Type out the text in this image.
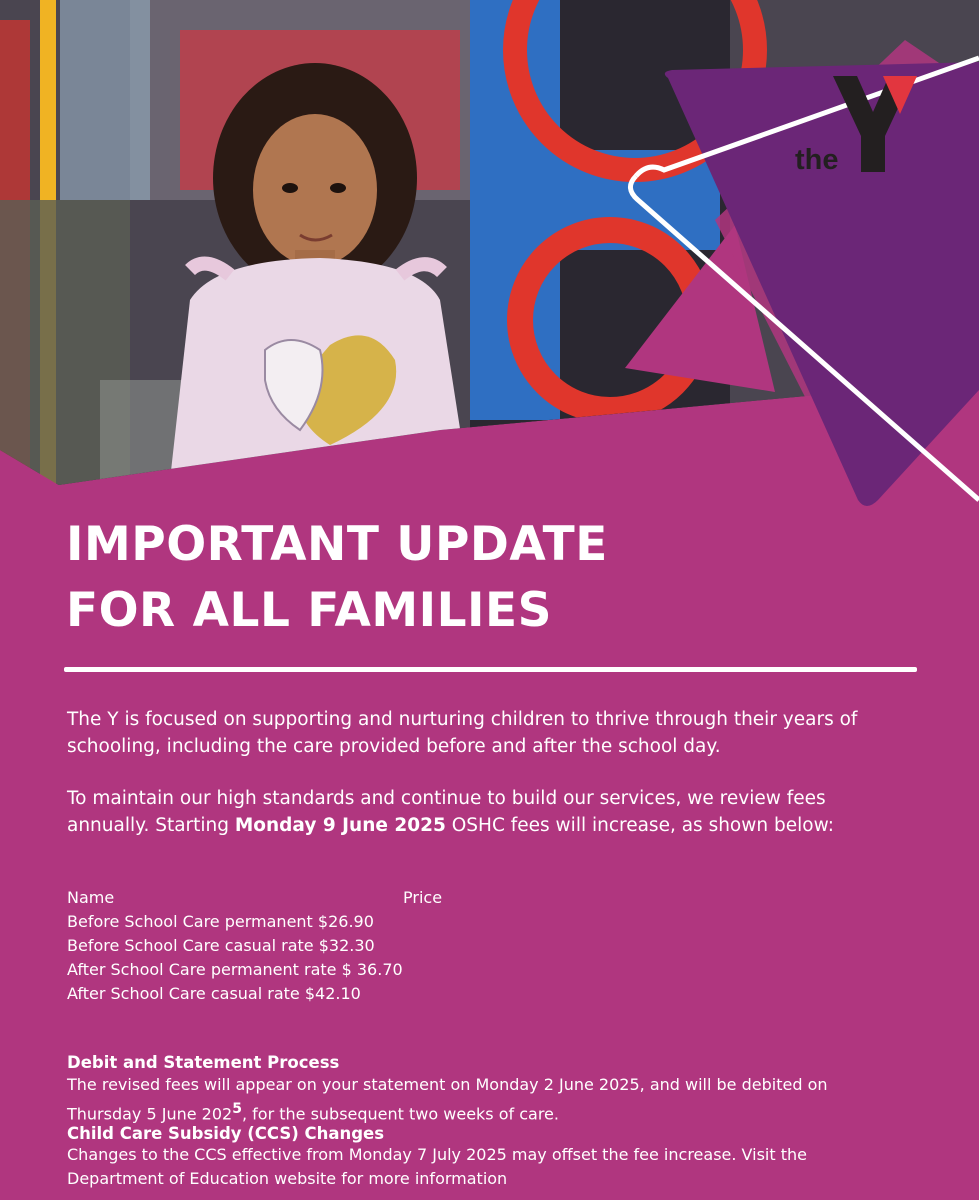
the
IMPORTANT UPDATE
FOR ALL FAMILIES

The Y is focused on supporting and nurturing children to thrive through their years of schooling, including the care provided before and after the school day.

To maintain our high standards and continue to build our services, we review fees annually. Starting Monday 9 June 2025 OSHC fees will increase, as shown below:

Name	Price
Before School Care permanent $26.90
Before School Care casual rate $32.30
After School Care permanent rate $ 36.70
After School Care casual rate $42.10
Debit and Statement Process

The revised fees will appear on your statement on Monday 2 June 2025, and will be debited on Thursday 5 June $202^5$, for the subsequent two weeks of care.

Child Care Subsidy (CCS) Changes

Changes to the CCS effective from Monday 7 July 2025 may offset the fee increase. Visit the Department of Education website for more information
